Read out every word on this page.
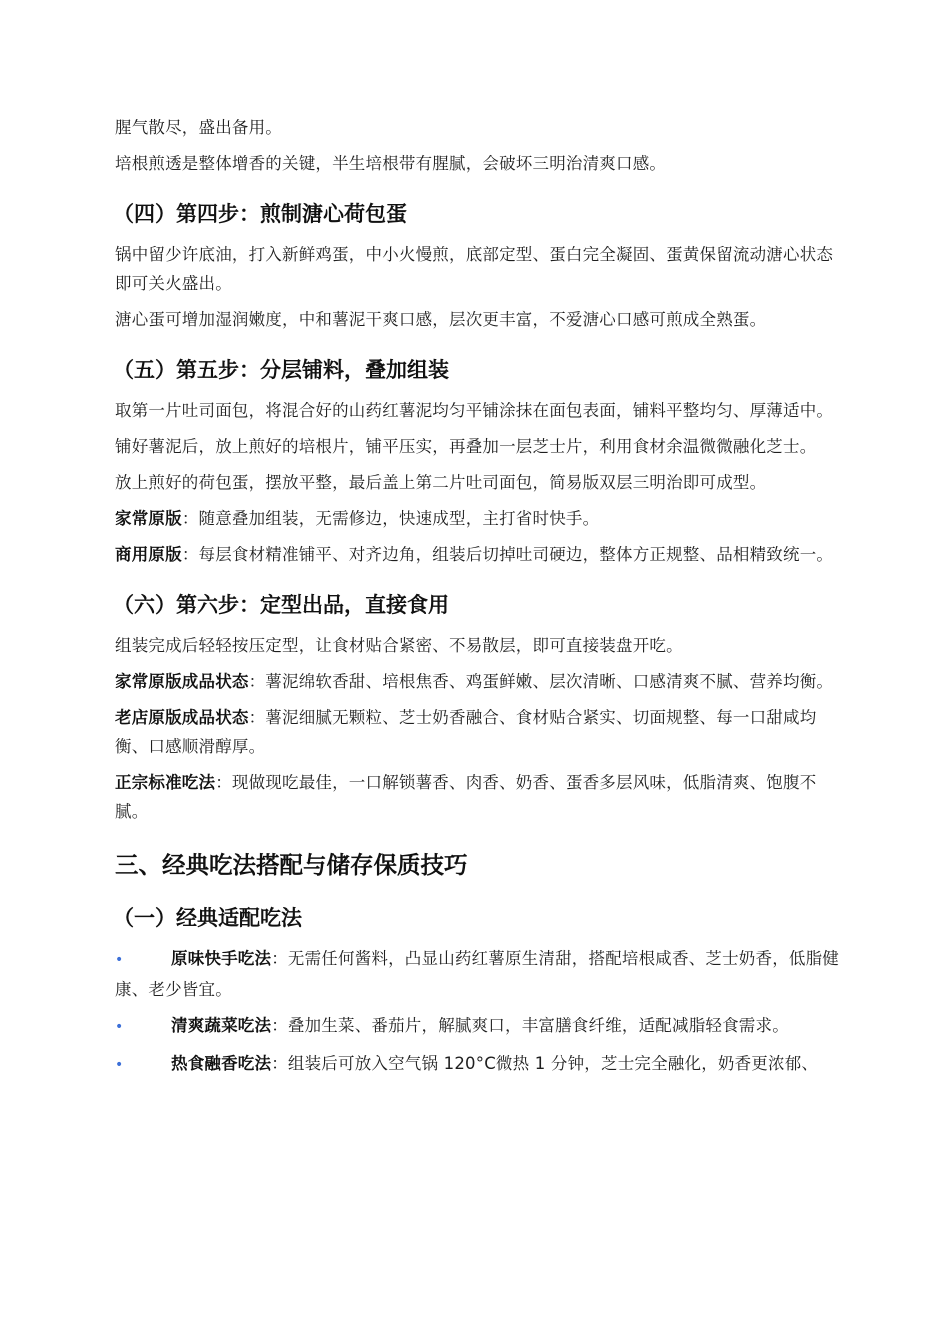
腥气散尽，盛出备用。
培根煎透是整体增香的关键，半生培根带有腥腻，会破坏三明治清爽口感。
（四）第四步：煎制溏心荷包蛋
锅中留少许底油，打入新鲜鸡蛋，中小火慢煎，底部定型、蛋白完全凝固、蛋黄保留流动溏心状态即可关火盛出。
溏心蛋可增加湿润嫩度，中和薯泥干爽口感，层次更丰富，不爱溏心口感可煎成全熟蛋。
（五）第五步：分层铺料，叠加组装
取第一片吐司面包，将混合好的山药红薯泥均匀平铺涂抹在面包表面，铺料平整均匀、厚薄适中。
铺好薯泥后，放上煎好的培根片，铺平压实，再叠加一层芝士片，利用食材余温微微融化芝士。
放上煎好的荷包蛋，摆放平整，最后盖上第二片吐司面包，简易版双层三明治即可成型。
家常原版：随意叠加组装，无需修边，快速成型，主打省时快手。
商用原版：每层食材精准铺平、对齐边角，组装后切掉吐司硬边，整体方正规整、品相精致统一。
（六）第六步：定型出品，直接食用
组装完成后轻轻按压定型，让食材贴合紧密、不易散层，即可直接装盘开吃。
家常原版成品状态：薯泥绵软香甜、培根焦香、鸡蛋鲜嫩、层次清晰、口感清爽不腻、营养均衡。
老店原版成品状态：薯泥细腻无颗粒、芝士奶香融合、食材贴合紧实、切面规整、每一口甜咸均衡、口感顺滑醇厚。
正宗标准吃法：现做现吃最佳，一口解锁薯香、肉香、奶香、蛋香多层风味，低脂清爽、饱腹不腻。
三、经典吃法搭配与储存保质技巧
（一）经典适配吃法
•	原味快手吃法：无需任何酱料，凸显山药红薯原生清甜，搭配培根咸香、芝士奶香，低脂健康、老少皆宜。
•	清爽蔬菜吃法：叠加生菜、番茄片，解腻爽口，丰富膳食纤维，适配减脂轻食需求。
•	热食融香吃法：组装后可放入空气锅 120°C微热 1 分钟，芝士完全融化，奶香更浓郁、
